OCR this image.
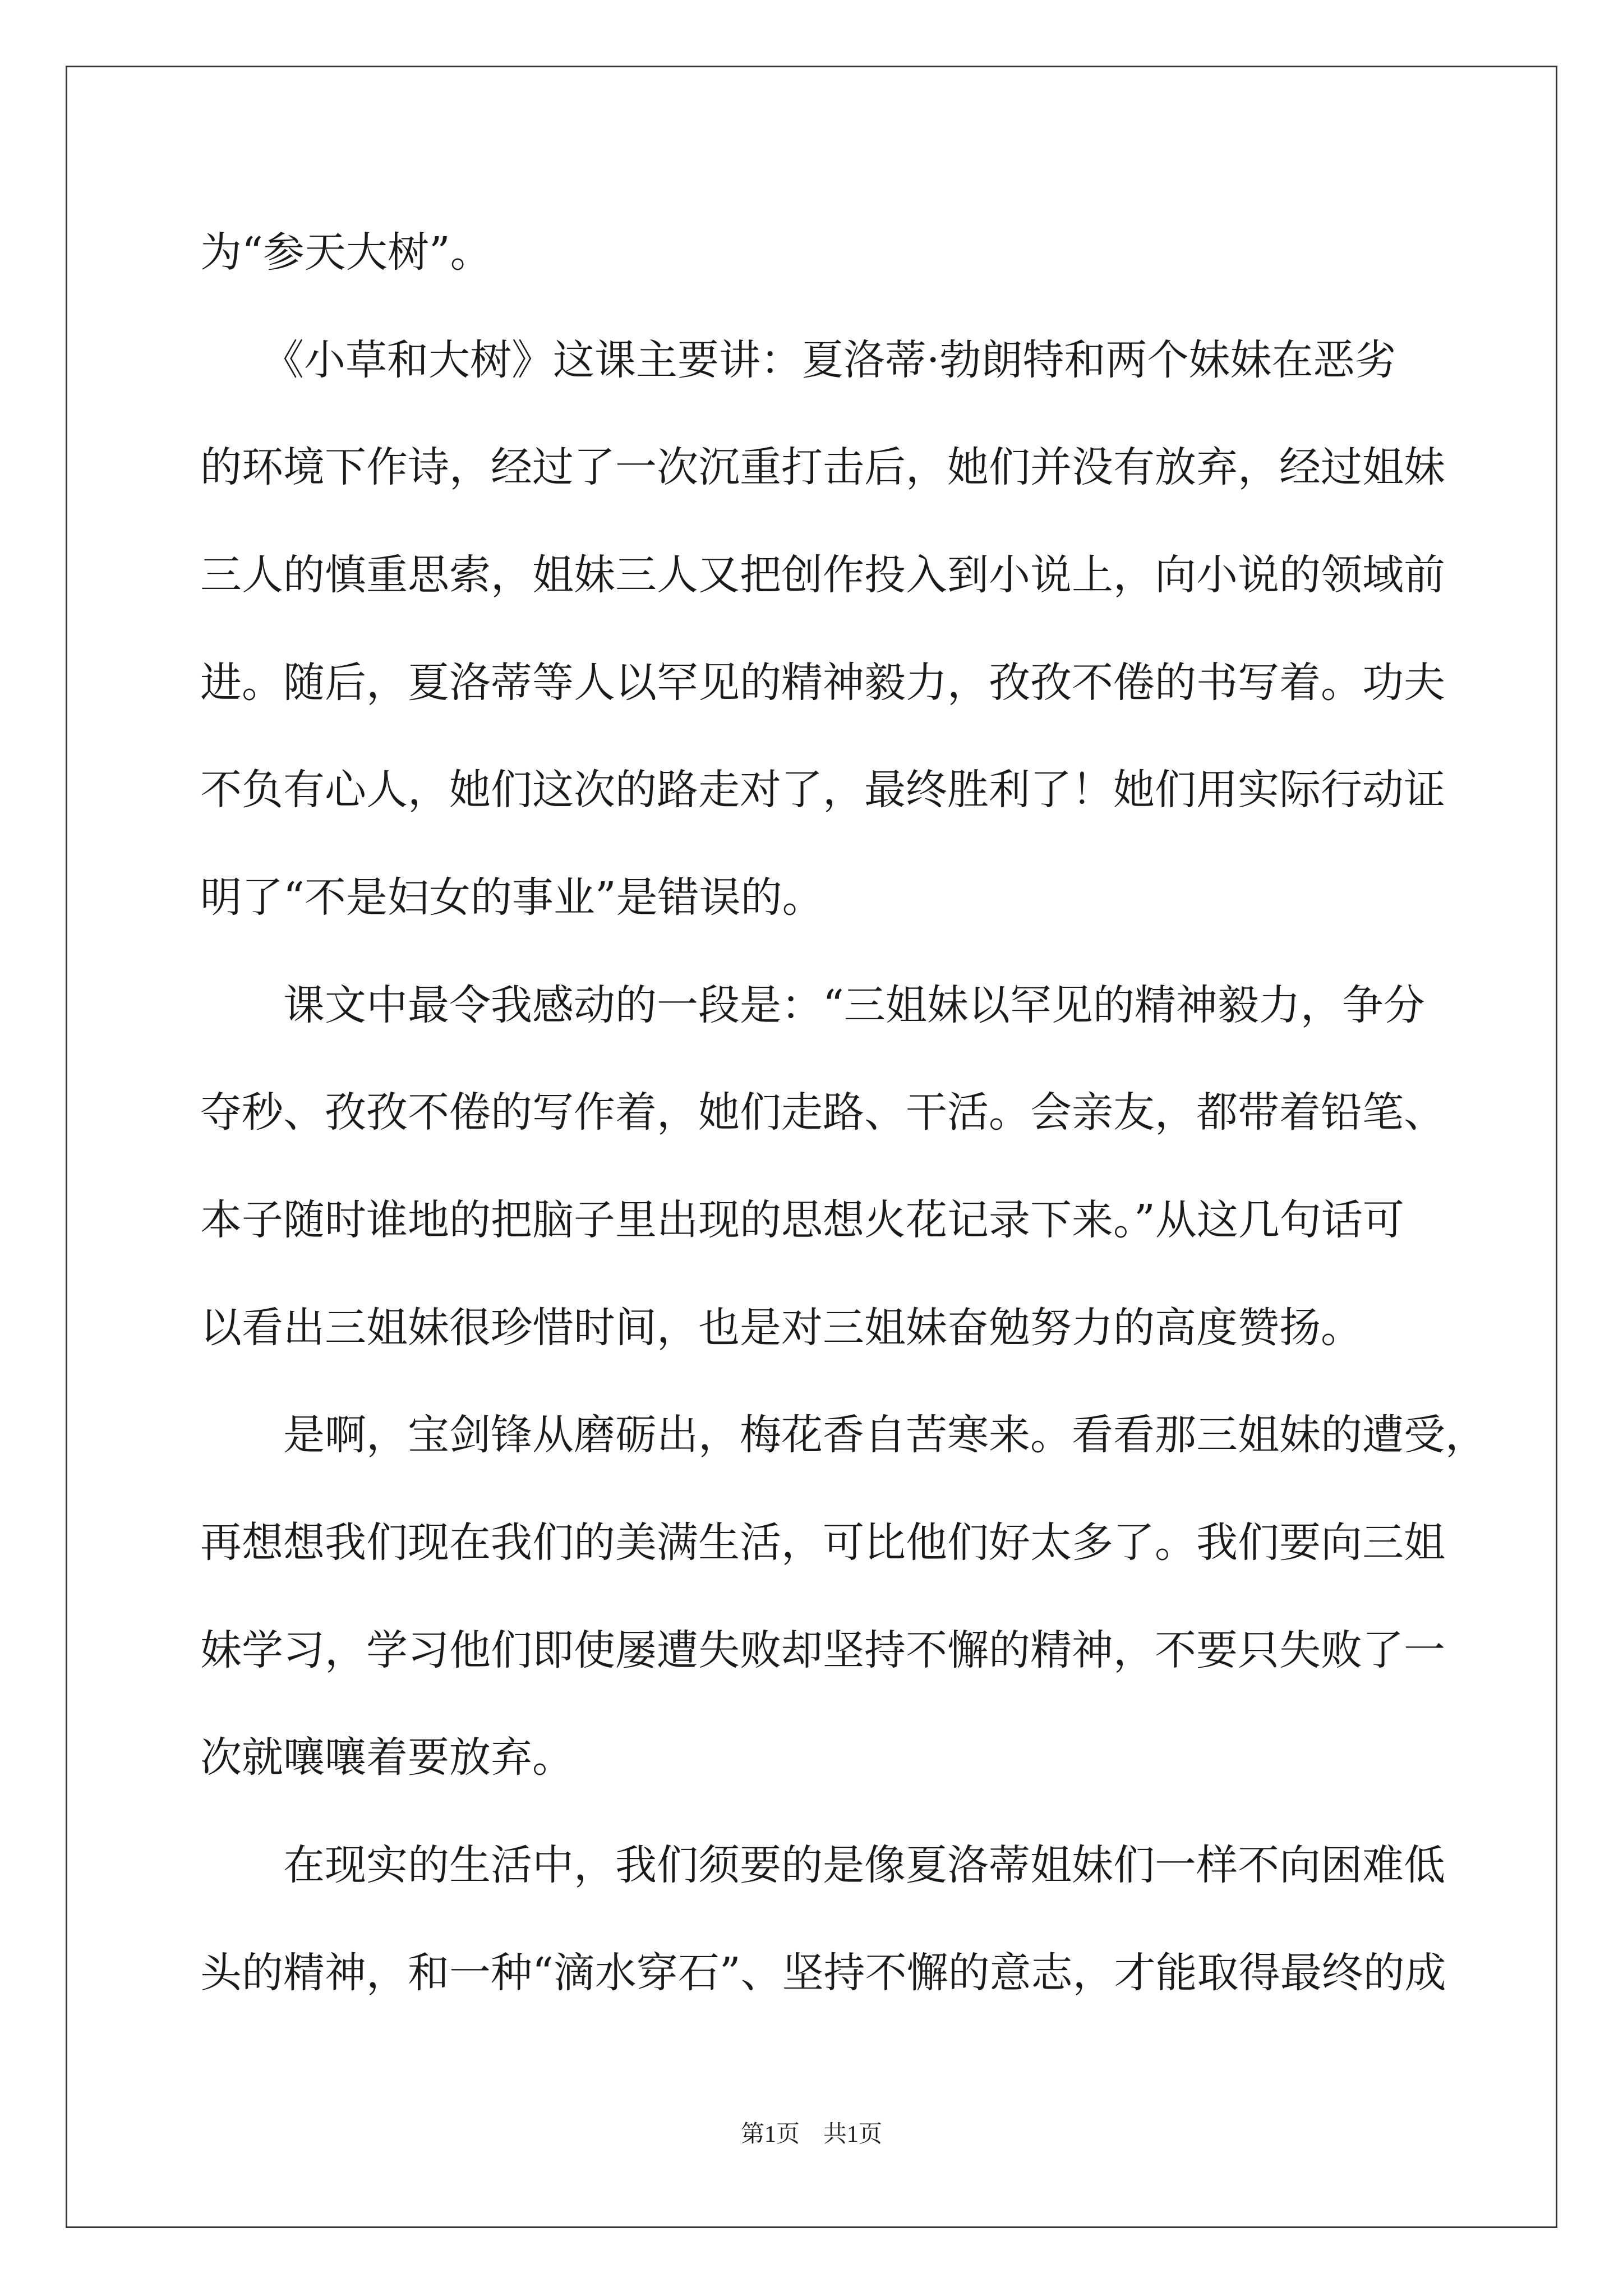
为“参天大树”。
　　《小草和大树》这课主要讲：夏洛蒂·勃朗特和两个妹妹在恶劣
的环境下作诗，经过了一次沉重打击后，她们并没有放弃，经过姐妹
三人的慎重思索，姐妹三人又把创作投入到小说上，向小说的领域前
进。随后，夏洛蒂等人以罕见的精神毅力，孜孜不倦的书写着。功夫
不负有心人，她们这次的路走对了，最终胜利了！她们用实际行动证
明了“不是妇女的事业”是错误的。
　　课文中最令我感动的一段是：“三姐妹以罕见的精神毅力，争分
夺秒、孜孜不倦的写作着，她们走路、干活。会亲友，都带着铅笔、
本子随时谁地的把脑子里出现的思想火花记录下来。”从这几句话可
以看出三姐妹很珍惜时间，也是对三姐妹奋勉努力的高度赞扬。
　　是啊，宝剑锋从磨砺出，梅花香自苦寒来。看看那三姐妹的遭受，
再想想我们现在我们的美满生活，可比他们好太多了。我们要向三姐
妹学习，学习他们即使屡遭失败却坚持不懈的精神，不要只失败了一
次就嚷嚷着要放弃。
　　在现实的生活中，我们须要的是像夏洛蒂姐妹们一样不向困难低
头的精神，和一种“滴水穿石”、坚持不懈的意志，才能取得最终的成
第1页　共1页
